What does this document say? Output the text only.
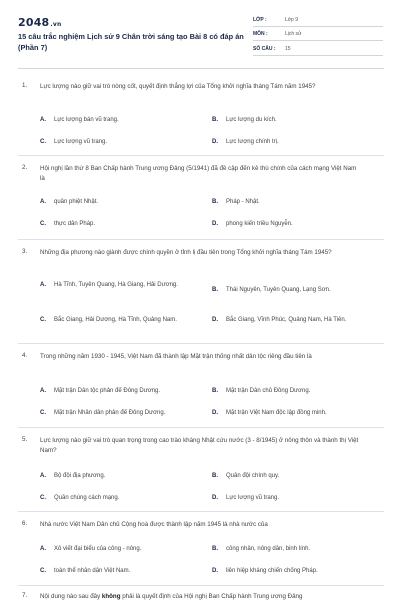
2048.vn
15 câu trắc nghiệm Lịch sử 9 Chân trời sáng tạo Bài 8 có đáp án (Phần 7)
LỚP :	Lớp 9
MÔN :	Lịch sử
SỐ CÂU :	15
1. Lực lượng nào giữ vai trò nòng cốt, quyết định thắng lợi của Tổng khởi nghĩa tháng Tám năm 1945?
A.	Lực lượng bán vũ trang.	B.	Lực lượng du kích.
C.	Lực lượng vũ trang.	D.	Lực lượng chính trị.
2. Hội nghị lần thứ 8 Ban Chấp hành Trung ương Đảng (5/1941) đã đề cập đến kẻ thù chính của cách mạng Việt Nam là
A.	quân phiệt Nhật.	B.	Pháp - Nhật.
C.	thực dân Pháp.	D.	phong kiến triều Nguyễn.
3. Những địa phương nào giành được chính quyền ở tỉnh lị đầu tiên trong Tổng khởi nghĩa tháng Tám 1945?
A.	Hà Tĩnh, Tuyên Quang, Hà Giang, Hải Dương.
B.	Thái Nguyên, Tuyên Quang, Lạng Sơn.
C.	Bắc Giang, Hải Dương, Hà Tĩnh, Quảng Nam.	D.	Bắc Giang, Vĩnh Phúc, Quảng Nam, Hà Tiên.
4. Trong những năm 1930 - 1945, Việt Nam đã thành lập Mặt trận thống nhất dân tộc riêng đầu tiên là
A.	Mặt trận Dân tộc phản đế Đông Dương.	B.	Mặt trận Dân chủ Đông Dương.
C.	Mặt trận Nhân dân phản đế Đông Dương.	D.	Mặt trận Việt Nam độc lập đồng minh.
5. Lực lượng nào giữ vai trò quan trọng trong cao trào kháng Nhật cứu nước (3 - 8/1945) ở nông thôn và thành thị Việt Nam?
A.	Bộ đội địa phương.	B.	Quân đội chính quy.
C.	Quần chúng cách mạng.	D.	Lực lượng vũ trang.
6. Nhà nước Việt Nam Dân chủ Cộng hoà được thành lập năm 1945 là nhà nước của
A.	Xô viết đại biểu của công - nông.	B.	công nhân, nông dân, binh lính.
C.	toàn thể nhân dân Việt Nam.	D.	liên hiệp kháng chiến chống Pháp.
7. Nội dung nào sau đây không phải là quyết định của Hội nghị Ban Chấp hành Trung ương Đảng
